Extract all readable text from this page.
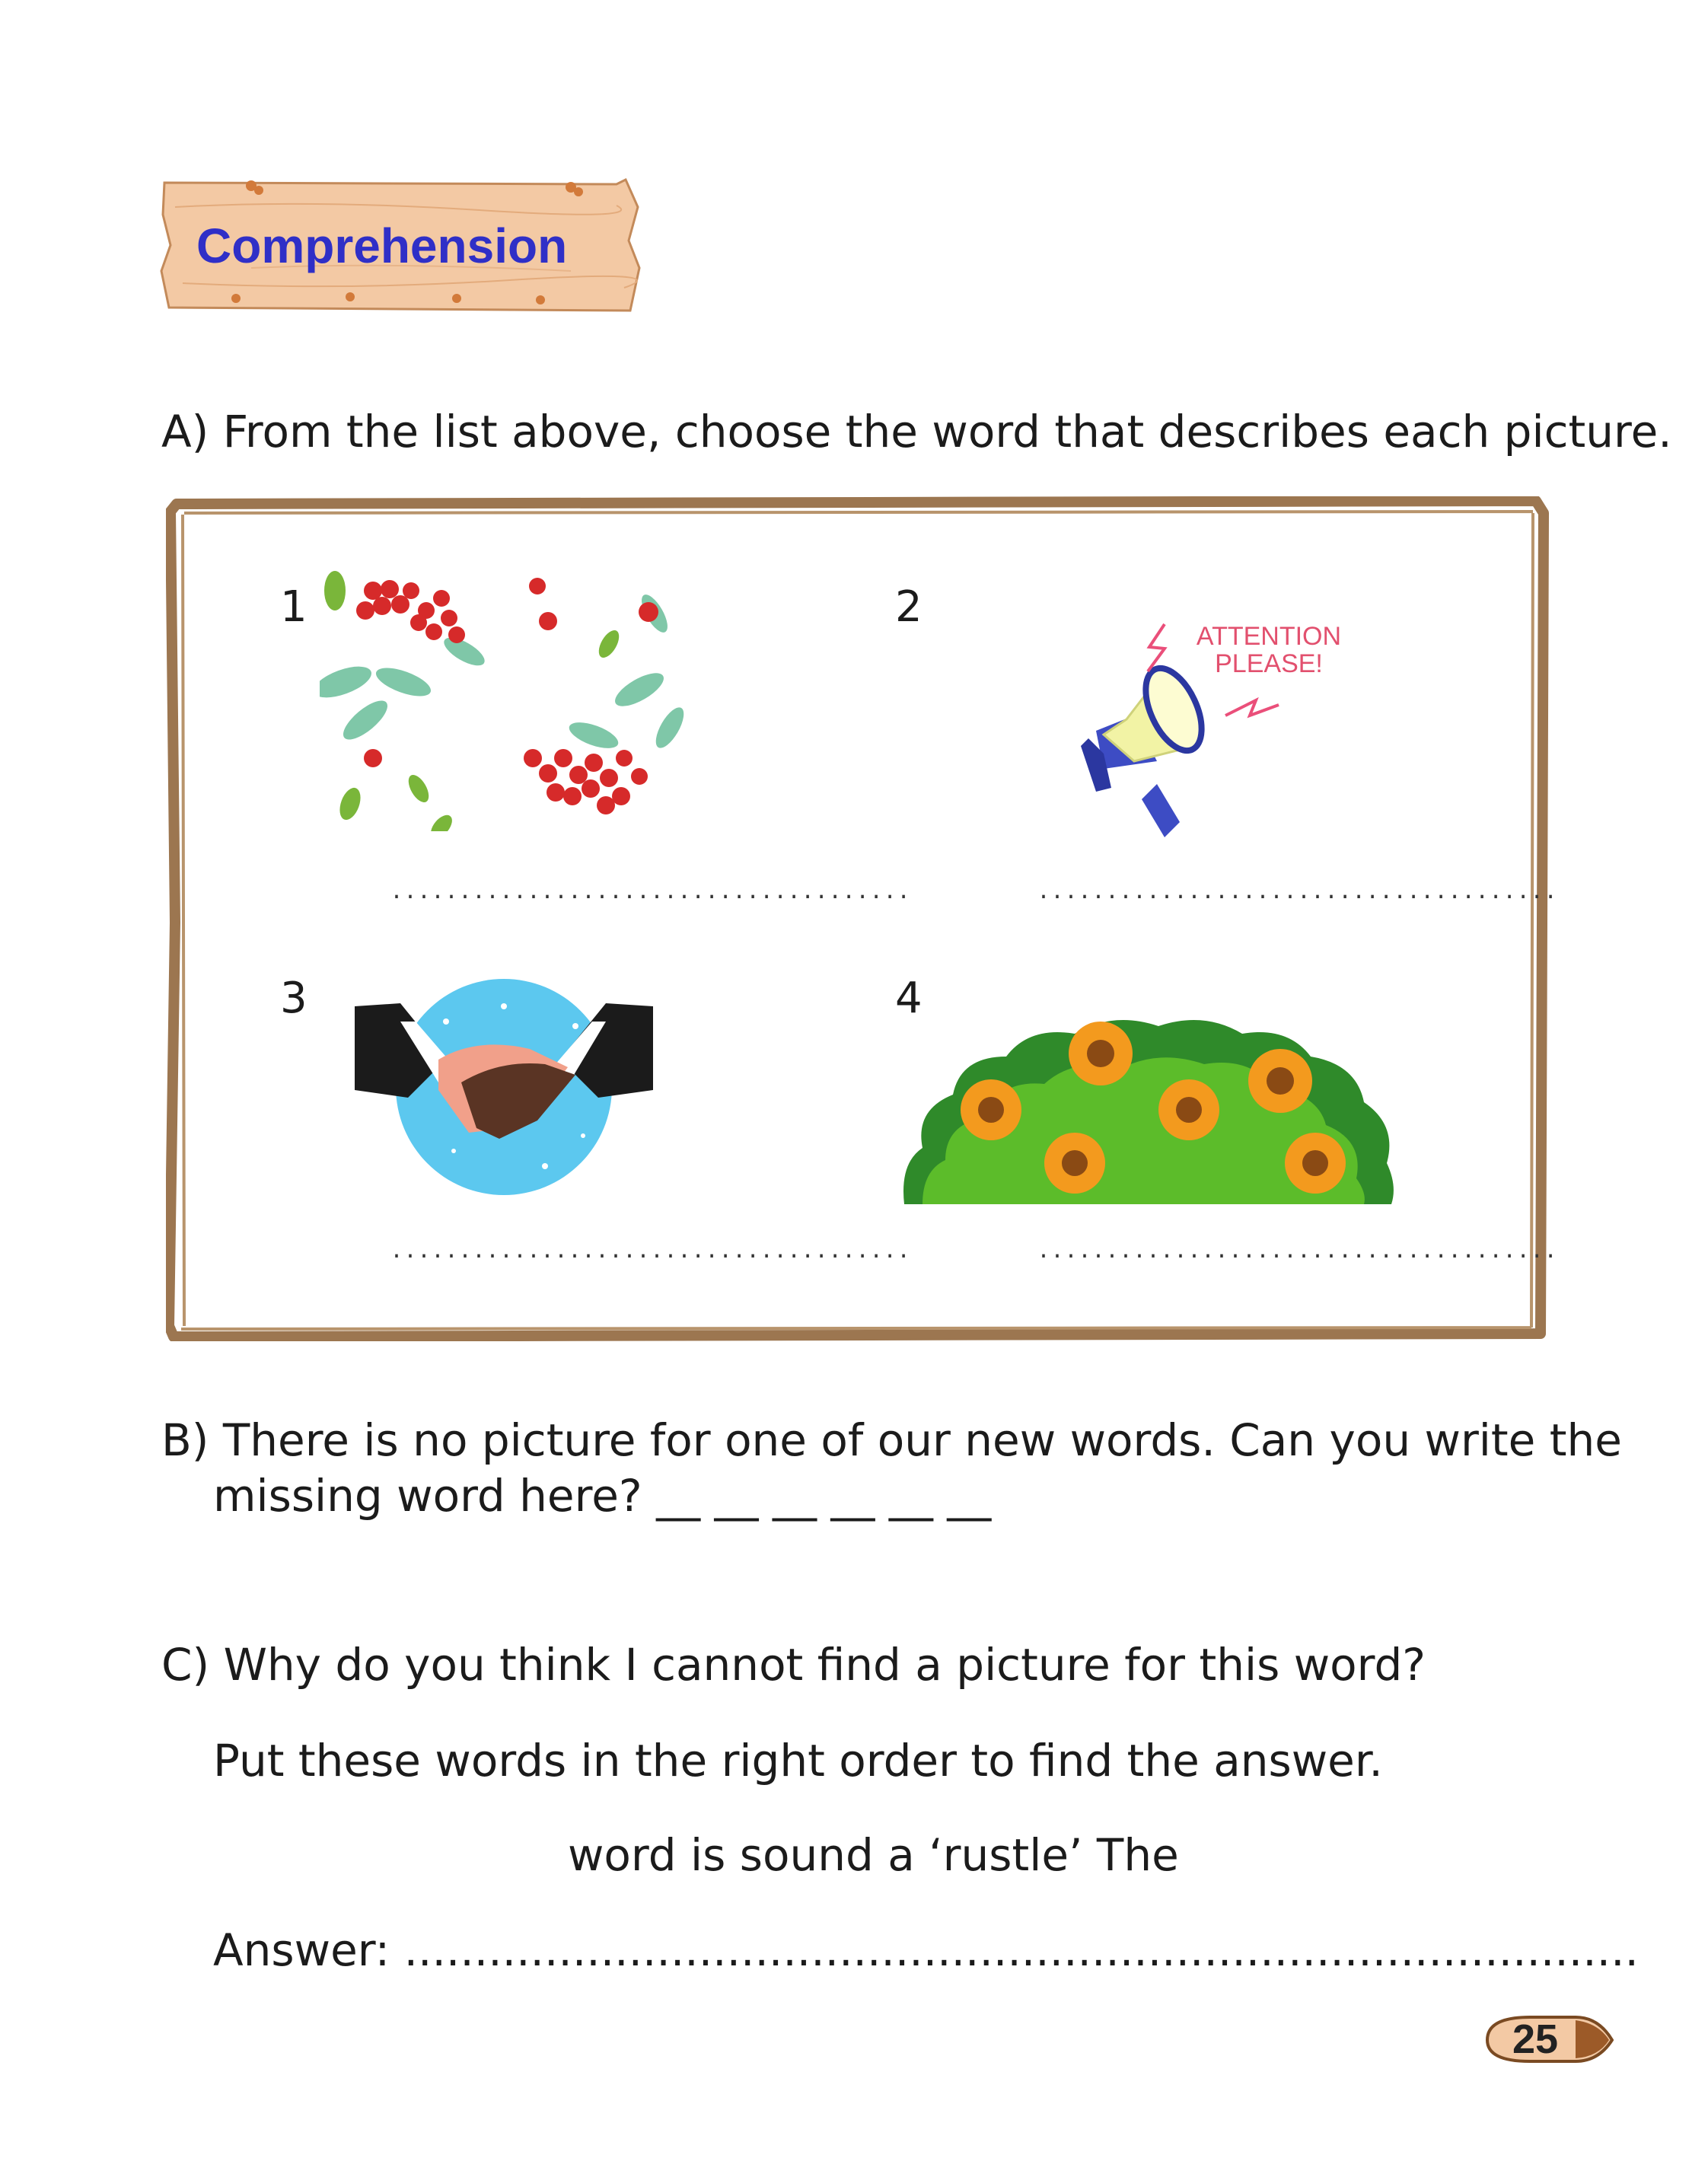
Comprehension
A) From the list above, choose the word that describes each picture.
1
......................................
2
ATTENTION
PLEASE!
......................................
3
......................................
4
......................................
B) There is no picture for one of our new words. Can you write the
missing word here? __ __ __ __ __ __
C) Why do you think I cannot find a picture for this word?
Put these words in the right order to find the answer.
word is sound a ‘rustle’ The
Answer: ........................................................................................
25
